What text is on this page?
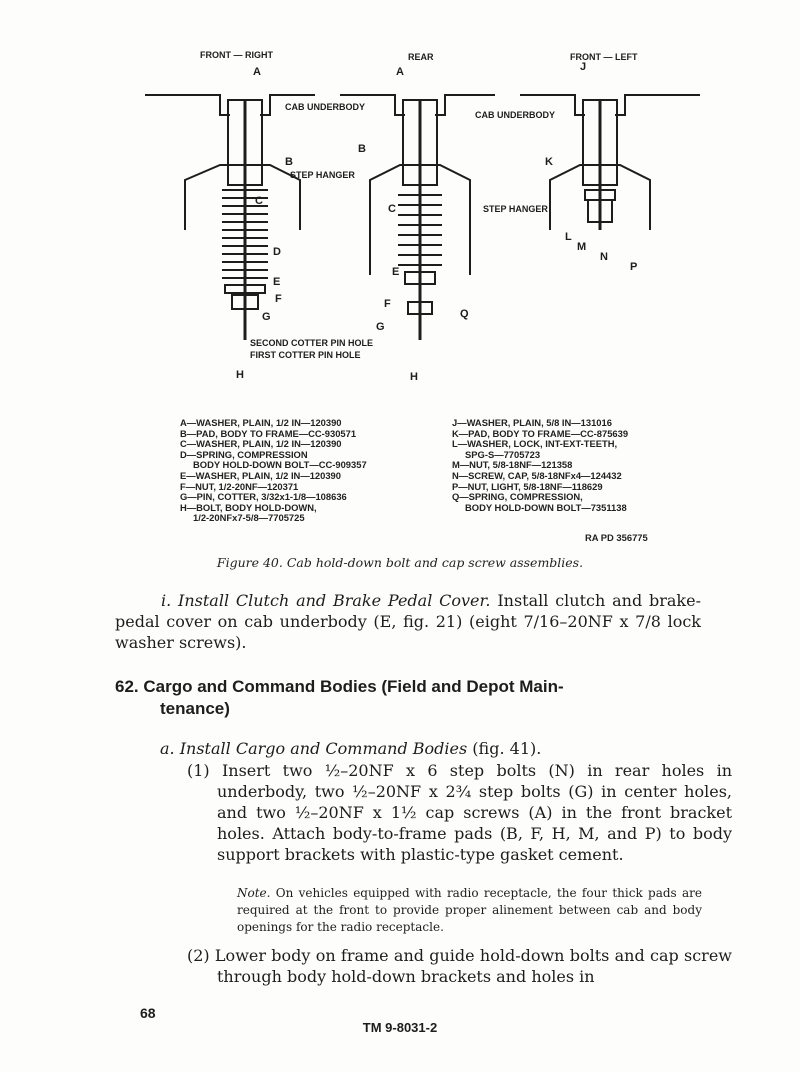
FRONT — RIGHT	REAR	FRONT — LEFT
CAB UNDERBODY
CAB UNDERBODY
STEP HANGER
STEP HANGER
SECOND COTTER PIN HOLE
FIRST COTTER PIN HOLE
A
B
C
D
E
F
G
H
A
B
C
E
F
G
Q
H
J
K
L
M
N
P
A—WASHER, PLAIN, 1/2 IN—120390
B—PAD, BODY TO FRAME—CC-930571
C—WASHER, PLAIN, 1/2 IN—120390
D—SPRING, COMPRESSION
BODY HOLD-DOWN BOLT—CC-909357
E—WASHER, PLAIN, 1/2 IN—120390
F—NUT, 1/2-20NF—120371
G—PIN, COTTER, 3/32x1-1/8—108636
H—BOLT, BODY HOLD-DOWN,
1/2-20NFx7-5/8—7705725
J—WASHER, PLAIN, 5/8 IN—131016
K—PAD, BODY TO FRAME—CC-875639
L—WASHER, LOCK, INT-EXT-TEETH,
SPG-S—7705723
M—NUT, 5/8-18NF—121358
N—SCREW, CAP, 5/8-18NFx4—124432
P—NUT, LIGHT, 5/8-18NF—118629
Q—SPRING, COMPRESSION,
BODY HOLD-DOWN BOLT—7351138
RA PD 356775
Figure 40. Cab hold-down bolt and cap screw assemblies.
i. Install Clutch and Brake Pedal Cover. Install clutch and brake-pedal cover on cab underbody (E, fig. 21) (eight 7/16–20NF x 7/8 lock washer screws).
62. Cargo and Command Bodies (Field and Depot Main-
tenance)
a. Install Cargo and Command Bodies (fig. 41).
(1) Insert two ½–20NF x 6 step bolts (N) in rear holes in underbody, two ½–20NF x 2¾ step bolts (G) in center holes, and two ½–20NF x 1½ cap screws (A) in the front bracket holes. Attach body-to-frame pads (B, F, H, M, and P) to body support brackets with plastic-type gasket cement.
Note. On vehicles equipped with radio receptacle, the four thick pads are required at the front to provide proper alinement between cab and body openings for the radio receptacle.
(2) Lower body on frame and guide hold-down bolts and cap screw through body hold-down brackets and holes in
68
TM 9-8031-2
